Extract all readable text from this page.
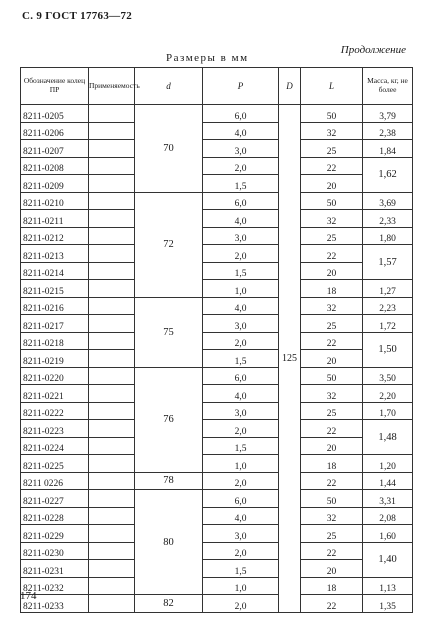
С. 9 ГОСТ 17763—72
Продолжение
Размеры в мм
Обозначение колец ПР	Применяемость	d	P	D	L	Масса, кг, не более
8211-0205		70	6,0	125	50	3,79
8211-0206			4,0		32	2,38
8211-0207			3,0		25	1,84
8211-0208			2,0		22	1,62
8211-0209			1,5		20	
8211-0210		72	6,0		50	3,69
8211-0211			4,0		32	2,33
8211-0212			3,0		25	1,80
8211-0213			2,0		22	1,57
8211-0214			1,5		20	
8211-0215			1,0		18	1,27
8211-0216		75	4,0		32	2,23
8211-0217			3,0		25	1,72
8211-0218			2,0		22	1,50
8211-0219			1,5		20	
8211-0220		76	6,0		50	3,50
8211-0221			4,0		32	2,20
8211-0222			3,0		25	1,70
8211-0223			2,0		22	1,48
8211-0224			1,5		20	
8211-0225			1,0		18	1,20
8211 0226		78	2,0		22	1,44
8211-0227		80	6,0		50	3,31
8211-0228			4,0		32	2,08
8211-0229			3,0		25	1,60
8211-0230			2,0		22	1,40
8211-0231			1,5		20	
8211-0232			1,0		18	1,13
8211-0233		82	2,0		22	1,35
174
